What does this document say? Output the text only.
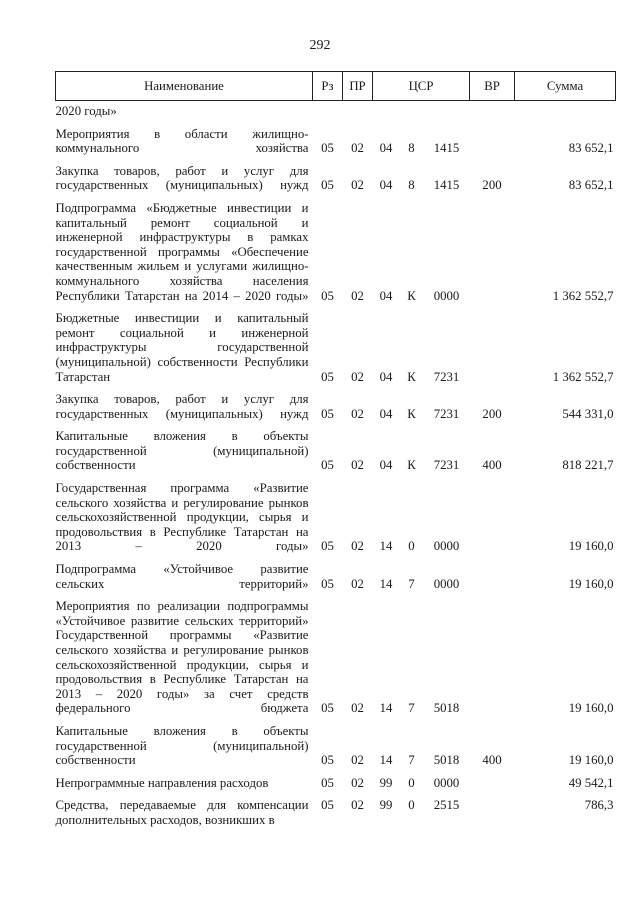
292
Наименование	Рз	ПР	ЦСР			ВР	Сумма
2020 годы»							
Мероприятия в области жилищно-коммунального хозяйства	05	02	04	8	1415		83 652,1
Закупка товаров, работ и услуг для государственных (муниципальных) нужд	05	02	04	8	1415	200	83 652,1
Подпрограмма «Бюджетные инвестиции и капитальный ремонт социальной и инженерной инфраструктуры в рамках государственной программы «Обеспечение качественным жильем и услугами жилищно-коммунального хозяйства населения Республики Татарстан на 2014 – 2020 годы»	05	02	04	К	0000		1 362 552,7
Бюджетные инвестиции и капитальный ремонт социальной и инженерной инфраструктуры государственной (муниципальной) собственности Республики Татарстан	05	02	04	К	7231		1 362 552,7
Закупка товаров, работ и услуг для государственных (муниципальных) нужд	05	02	04	К	7231	200	544 331,0
Капитальные вложения в объекты государственной (муниципальной) собственности	05	02	04	К	7231	400	818 221,7
Государственная программа «Развитие сельского хозяйства и регулирование рынков сельскохозяйственной продукции, сырья и продовольствия в Республике Татарстан на 2013 – 2020 годы»	05	02	14	0	0000		19 160,0
Подпрограмма «Устойчивое развитие сельских территорий»	05	02	14	7	0000		19 160,0
Мероприятия по реализации подпрограммы «Устойчивое развитие сельских территорий» Государственной программы «Развитие сельского хозяйства и регулирование рынков сельскохозяйственной продукции, сырья и продовольствия в Республике Татарстан на 2013 – 2020 годы» за счет средств федерального бюджета	05	02	14	7	5018		19 160,0
Капитальные вложения в объекты государственной (муниципальной) собственности	05	02	14	7	5018	400	19 160,0
Непрограммные направления расходов	05	02	99	0	0000		49 542,1
Средства, передаваемые для компенсации дополнительных расходов, возникших в	05	02	99	0	2515		786,3
